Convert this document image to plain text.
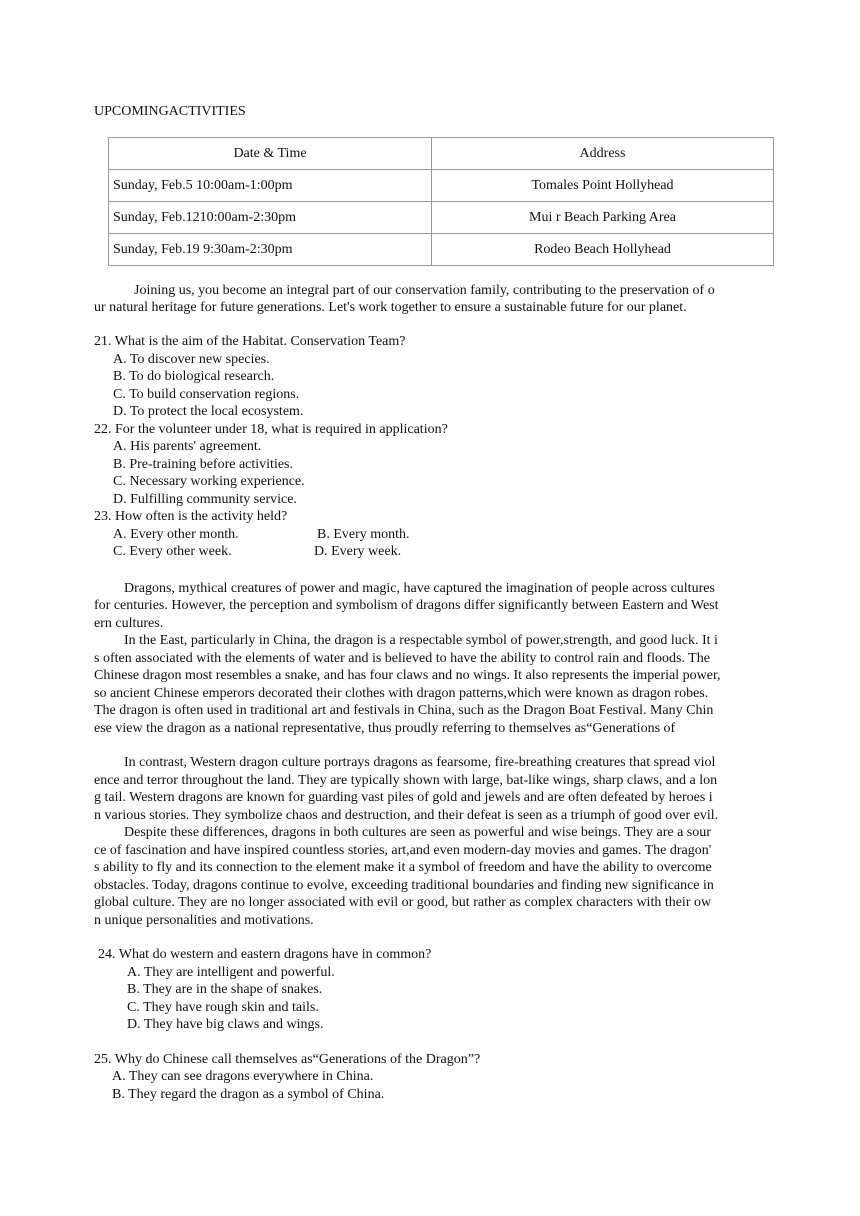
UPCOMINGACTIVITIES
Date & Time	Address
Sunday, Feb.5 10:00am-1:00pm	Tomales Point Hollyhead
Sunday, Feb.1210:00am-2:30pm	Mui r Beach Parking Area
Sunday, Feb.19 9:30am-2:30pm	Rodeo Beach Hollyhead
Joining us, you become an integral part of our conservation family, contributing to the preservation of o
ur natural heritage for future generations. Let's work together to ensure a sustainable future for our planet.
21. What is the aim of the Habitat. Conservation Team?
A. To discover new species.
B. To do biological research.
C. To build conservation regions.
D. To protect the local ecosystem.
22. For the volunteer under 18, what is required in application?
A. His parents' agreement.
B. Pre-training before activities.
C. Necessary working experience.
D. Fulfilling community service.
23. How often is the activity held?
A. Every other month.	B. Every month.
C. Every other week.	D. Every week.
Dragons, mythical creatures of power and magic, have captured the imagination of people across cultures
for centuries. However, the perception and symbolism of dragons differ significantly between Eastern and West
ern cultures.
In the East, particularly in China, the dragon is a respectable symbol of power,strength, and good luck. It i
s often associated with the elements of water and is believed to have the ability to control rain and floods. The
Chinese dragon most resembles a snake, and has four claws and no wings. It also represents the imperial power,
so ancient Chinese emperors decorated their clothes with dragon patterns,which were known as dragon robes.
The dragon is often used in traditional art and festivals in China, such as the Dragon Boat Festival. Many Chin
ese view the dragon as a national representative, thus proudly referring to themselves as“Generations of
In contrast, Western dragon culture portrays dragons as fearsome, fire-breathing creatures that spread viol
ence and terror throughout the land. They are typically shown with large, bat-like wings, sharp claws, and a lon
g tail. Western dragons are known for guarding vast piles of gold and jewels and are often defeated by heroes i
n various stories. They symbolize chaos and destruction, and their defeat is seen as a triumph of good over evil.
Despite these differences, dragons in both cultures are seen as powerful and wise beings. They are a sour
ce of fascination and have inspired countless stories, art,and even modern-day movies and games. The dragon'
s ability to fly and its connection to the element make it a symbol of freedom and have the ability to overcome
obstacles. Today, dragons continue to evolve, exceeding traditional boundaries and finding new significance in
global culture. They are no longer associated with evil or good, but rather as complex characters with their ow
n unique personalities and motivations.
24. What do western and eastern dragons have in common?
A. They are intelligent and powerful.
B. They are in the shape of snakes.
C. They have rough skin and tails.
D. They have big claws and wings.
25. Why do Chinese call themselves as“Generations of the Dragon”?
A. They can see dragons everywhere in China.
B. They regard the dragon as a symbol of China.
